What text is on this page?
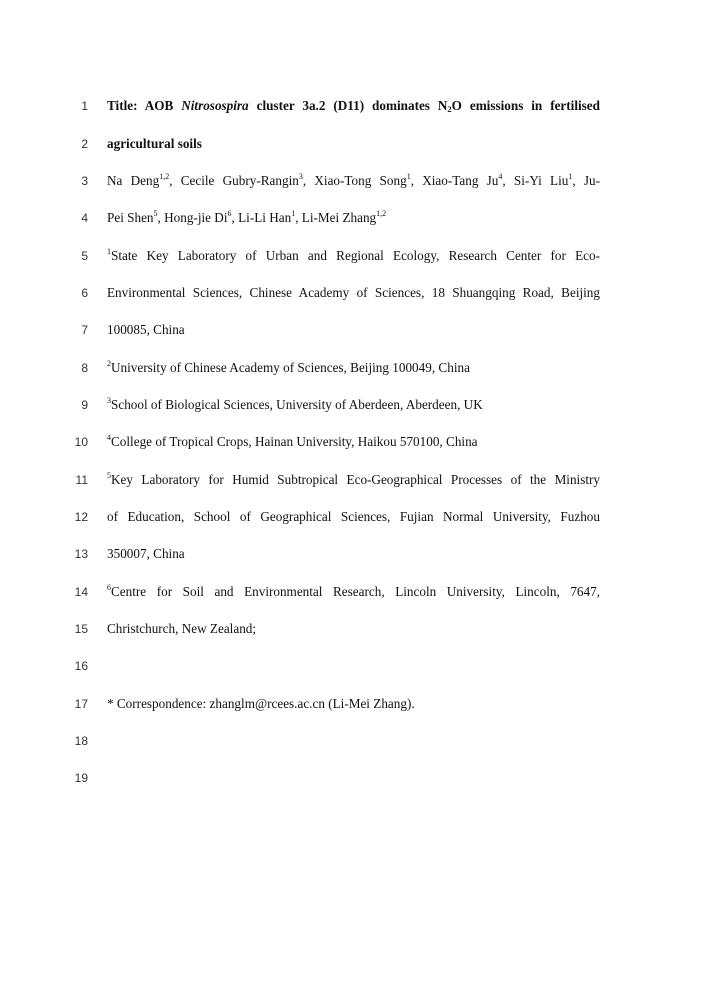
1 Title: AOB Nitrosospira cluster 3a.2 (D11) dominates $N_2O$ emissions in fertilised
2 agricultural soils
3 Na Deng$^{1,2}$, Cecile Gubry-Rangin$^3$, Xiao-Tong Song$^1$, Xiao-Tang Ju$^4$, Si-Yi Liu$^1$, Ju-
4 Pei Shen$^5$, Hong-jie Di$^6$, Li-Li Han$^1$, Li-Mei Zhang$^{1,2}$
5 $^1$State Key Laboratory of Urban and Regional Ecology, Research Center for Eco-
6 Environmental Sciences, Chinese Academy of Sciences, 18 Shuangqing Road, Beijing
7 100085, China
8 $^2$University of Chinese Academy of Sciences, Beijing 100049, China
9 $^3$School of Biological Sciences, University of Aberdeen, Aberdeen, UK
10 $^4$College of Tropical Crops, Hainan University, Haikou 570100, China
11 $^5$Key Laboratory for Humid Subtropical Eco‐Geographical Processes of the Ministry
12 of Education, School of Geographical Sciences, Fujian Normal University, Fuzhou
13 350007, China
14 $^6$Centre for Soil and Environmental Research, Lincoln University, Lincoln, 7647,
15 Christchurch, New Zealand;
16
17 * Correspondence: zhanglm@rcees.ac.cn (Li-Mei Zhang).
18
19
